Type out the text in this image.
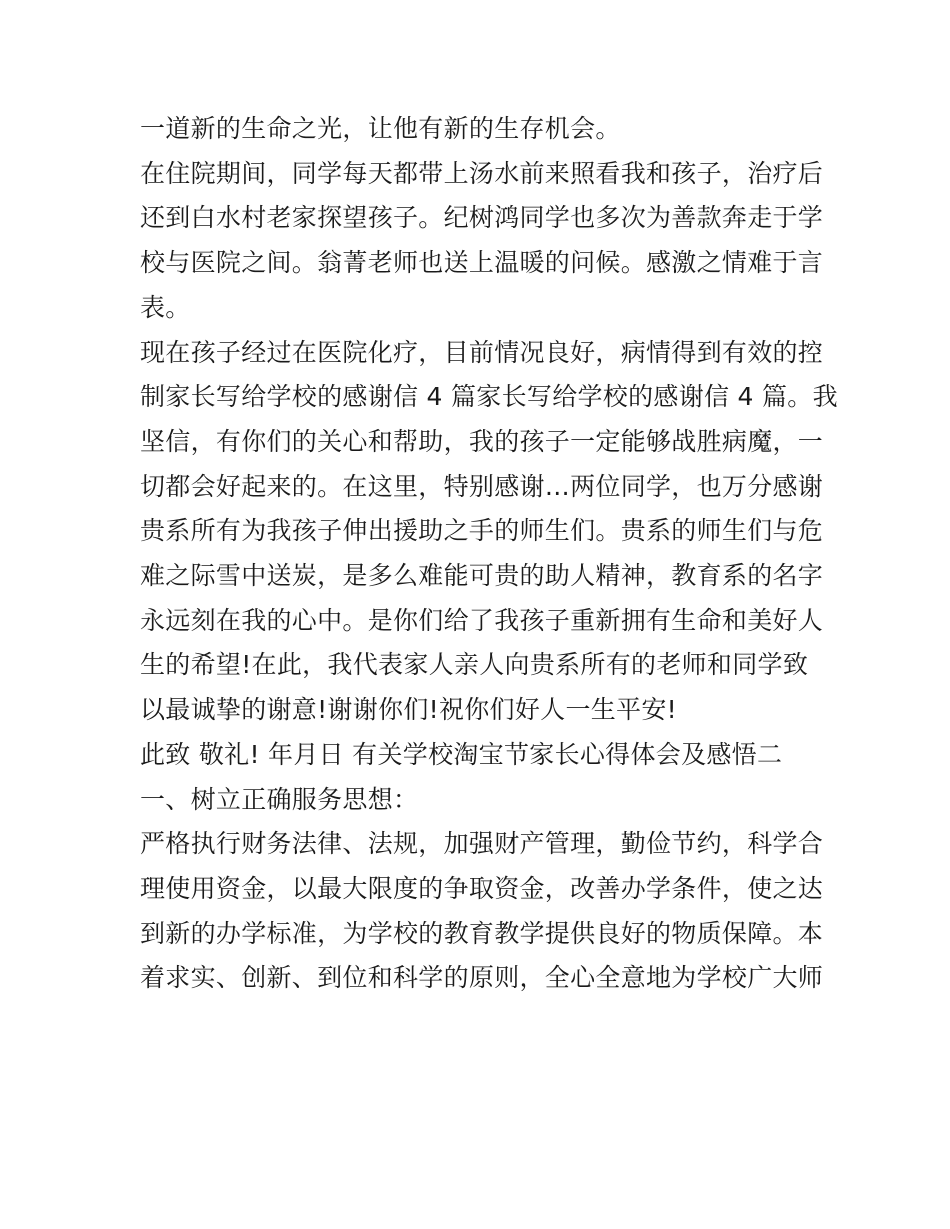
一道新的生命之光，让他有新的生存机会。
在住院期间，同学每天都带上汤水前来照看我和孩子，治疗后
还到白水村老家探望孩子。纪树鸿同学也多次为善款奔走于学
校与医院之间。翁菁老师也送上温暖的问候。感激之情难于言
表。
现在孩子经过在医院化疗，目前情况良好，病情得到有效的控
制家长写给学校的感谢信 4 篇家长写给学校的感谢信 4 篇。我
坚信，有你们的关心和帮助，我的孩子一定能够战胜病魔，一
切都会好起来的。在这里，特别感谢…两位同学，也万分感谢
贵系所有为我孩子伸出援助之手的师生们。贵系的师生们与危
难之际雪中送炭，是多么难能可贵的助人精神，教育系的名字
永远刻在我的心中。是你们给了我孩子重新拥有生命和美好人
生的希望!在此，我代表家人亲人向贵系所有的老师和同学致
以最诚挚的谢意!谢谢你们!祝你们好人一生平安!
此致 敬礼! 年月日 有关学校淘宝节家长心得体会及感悟二
一、树立正确服务思想：
严格执行财务法律、法规，加强财产管理，勤俭节约，科学合
理使用资金，以最大限度的争取资金，改善办学条件，使之达
到新的办学标准，为学校的教育教学提供良好的物质保障。本
着求实、创新、到位和科学的原则，全心全意地为学校广大师
